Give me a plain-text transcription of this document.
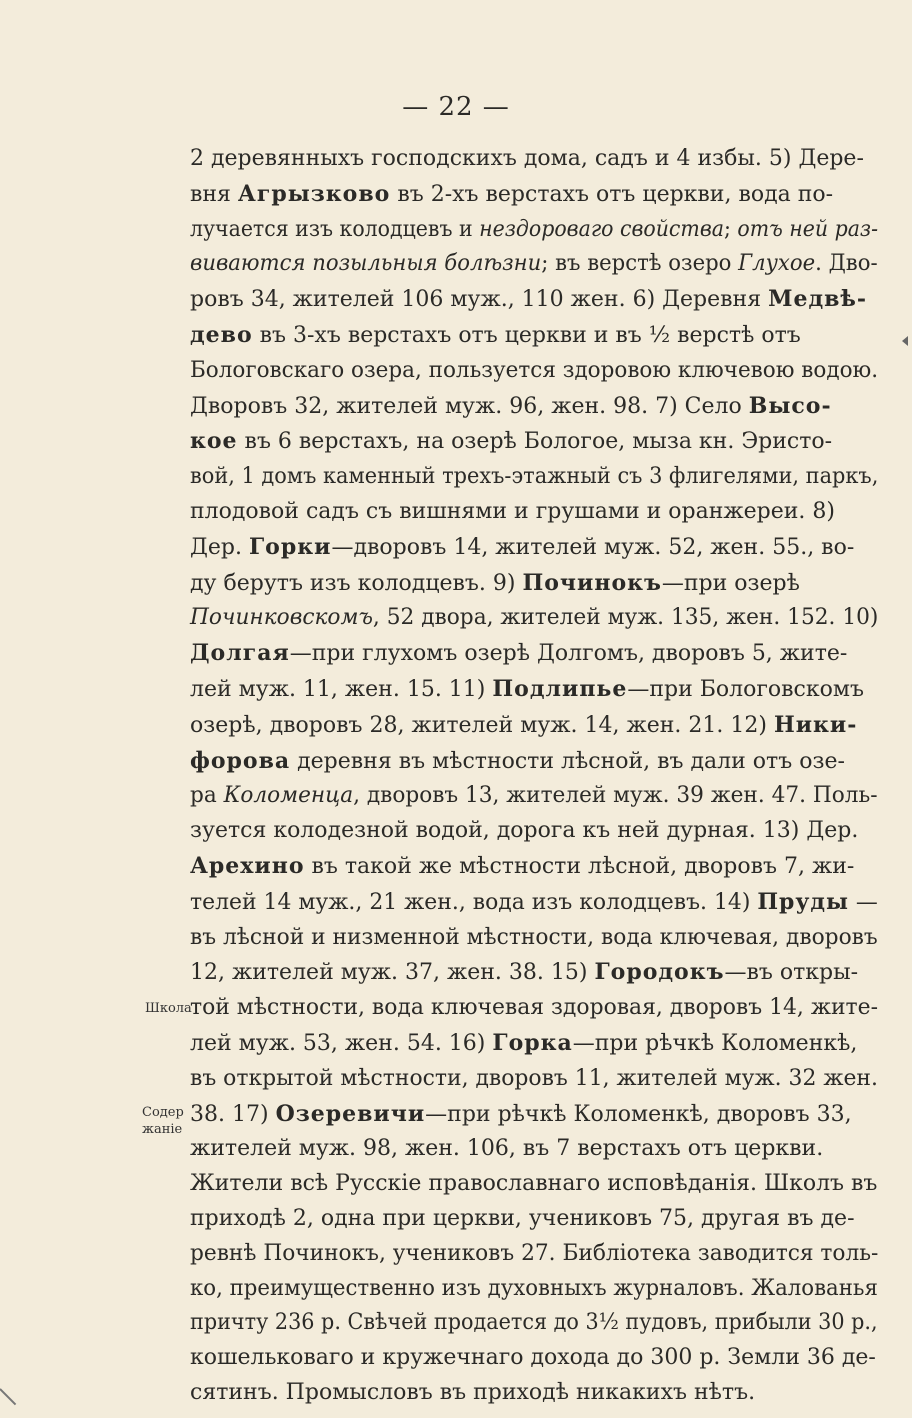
— 22 —
Школа
Содер
жаніе
2 деревянныхъ господскихъ дома, садъ и 4 избы. 5) Дере-
вня Агрызково въ 2-хъ верстахъ отъ церкви, вода по-
лучается изъ колодцевъ и нездороваго свойства; отъ ней раз-
виваются позыльныя болѣзни; въ верстѣ озеро Глухое. Дво-
ровъ 34, жителей 106 муж., 110 жен. 6) Деревня Медвѣ-
дево въ 3-хъ верстахъ отъ церкви и въ ½ верстѣ отъ
Бологовскаго озера, пользуется здоровою ключевою водою.
Дворовъ 32, жителей муж. 96, жен. 98. 7) Село Высо-
кое въ 6 верстахъ, на озерѣ Бологое, мыза кн. Эристо-
вой, 1 домъ каменный трехъ-этажный съ 3 флигелями, паркъ,
плодовой садъ съ вишнями и грушами и оранжереи. 8)
Дер. Горки—дворовъ 14, жителей муж. 52, жен. 55., во-
ду берутъ изъ колодцевъ. 9) Починокъ—при озерѣ
Починковскомъ, 52 двора, жителей муж. 135, жен. 152. 10)
Долгая—при глухомъ озерѣ Долгомъ, дворовъ 5, жите-
лей муж. 11, жен. 15. 11) Подлипье—при Бологовскомъ
озерѣ, дворовъ 28, жителей муж. 14, жен. 21. 12) Ники-
форова деревня въ мѣстности лѣсной, въ дали отъ озе-
ра Коломенца, дворовъ 13, жителей муж. 39 жен. 47. Поль-
зуется колодезной водой, дорога къ ней дурная. 13) Дер.
Арехино въ такой же мѣстности лѣсной, дворовъ 7, жи-
телей 14 муж., 21 жен., вода изъ колодцевъ. 14) Пруды —
въ лѣсной и низменной мѣстности, вода ключевая, дворовъ
12, жителей муж. 37, жен. 38. 15) Городокъ—въ откры-
той мѣстности, вода ключевая здоровая, дворовъ 14, жите-
лей муж. 53, жен. 54. 16) Горка—при рѣчкѣ Коломенкѣ,
въ открытой мѣстности, дворовъ 11, жителей муж. 32 жен.
38. 17) Озеревичи—при рѣчкѣ Коломенкѣ, дворовъ 33,
жителей муж. 98, жен. 106, въ 7 верстахъ отъ церкви.
Жители всѣ Русскіе православнаго исповѣданія. Школъ въ
приходѣ 2, одна при церкви, учениковъ 75, другая въ де-
ревнѣ Починокъ, учениковъ 27. Библіотека заводится толь-
ко, преимущественно изъ духовныхъ журналовъ. Жалованья
причту 236 р. Свѣчей продается до 3½ пудовъ, прибыли 30 р.,
кошельковаго и кружечнаго дохода до 300 р. Земли 36 де-
сятинъ. Промысловъ въ приходѣ никакихъ нѣтъ.
